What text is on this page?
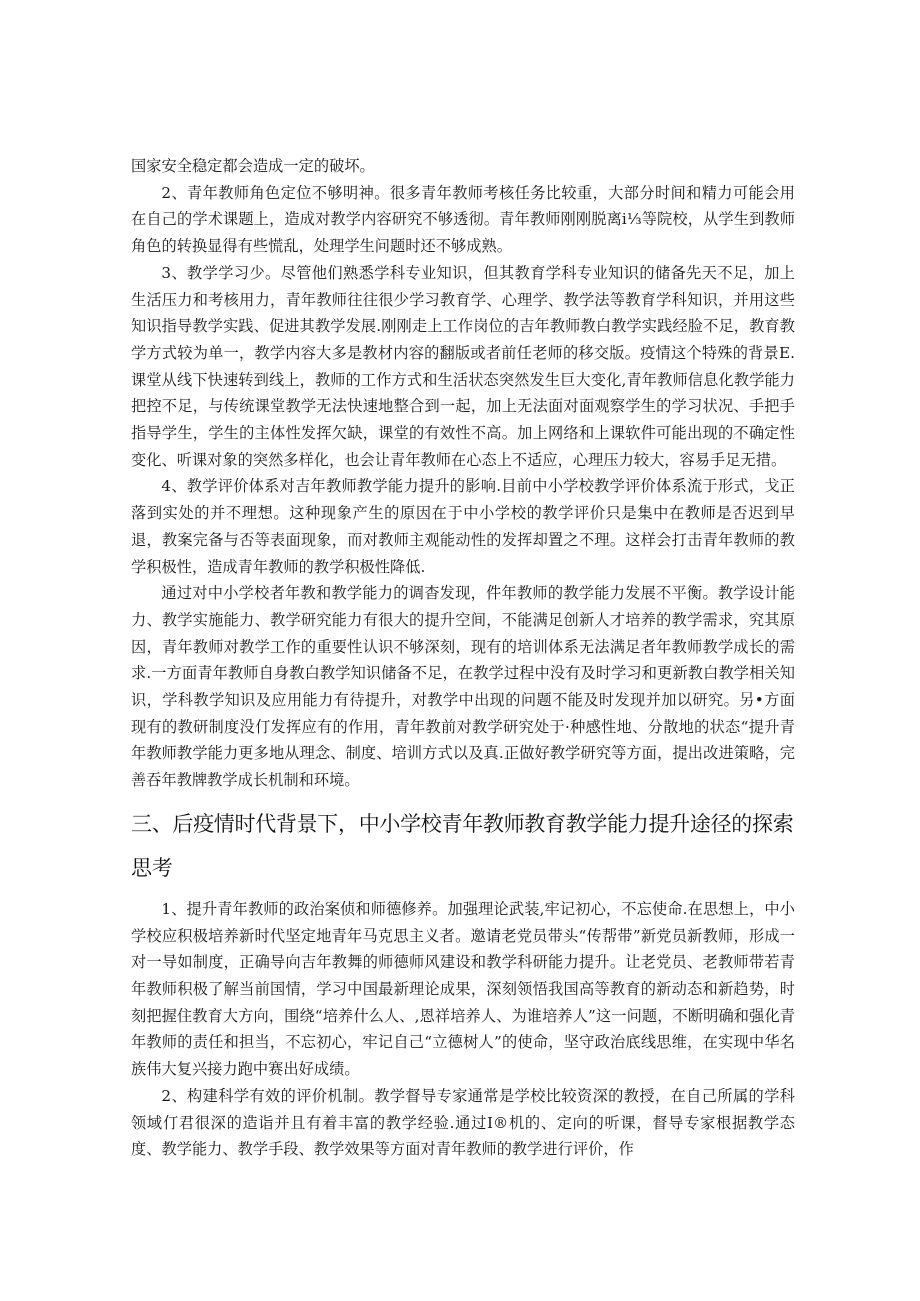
国家安全稳定都会造成一定的破坏。

2、青年教师角色定位不够明神。很多青年教师考核任务比较重，大部分时间和精力可能会用在自己的学术课题上，造成对教学内容研究不够透彻。青年教师刚刚脱离i⅓等院校，从学生到教师角色的转换显得有些慌乱，处理学生问题时还不够成熟。

3、教学学习少。尽管他们熟悉学科专业知识，但其教育学科专业知识的储备先天不足，加上生活压力和考核用力，青年教师往往很少学习教育学、心理学、教学法等教育学科知识，并用这些知识指导教学实践、促进其教学发展.刚刚走上工作岗位的吉年教师教白教学实践经脸不足，教育教学方式较为单一，教学内容大多是教材内容的翻版或者前任老师的移交版。疫情这个特殊的背景E.课堂从线下快速转到线上，教师的工作方式和生活状态突然发生巨大变化,青年教师信息化教学能力把控不足，与传统课堂教学无法快速地整合到一起，加上无法面对面观察学生的学习状况、手把手指导学生，学生的主体性发挥欠缺，课堂的有效性不高。加上网络和上课软件可能出现的不确定性变化、听课对象的突然多样化，也会让青年教师在心态上不适应，心理压力较大，容易手足无措。

4、教学评价体系对吉年教师教学能力提升的影响.目前中小学校教学评价体系流于形式，戈正落到实处的并不理想。这种现象产生的原因在于中小学校的教学评价只是集中在教师是否迟到早退，教案完备与否等表面现象，而对教师主观能动性的发挥却置之不理。这样会打击青年教师的教学积极性，造成青年教师的教学积极性降低.

通过对中小学校者年教和教学能力的调杳发现，件年教师的教学能力发展不平衡。教学设计能力、教学实施能力、教学研究能力有很大的提升空间，不能满足创新人才培养的教学需求，究其原因，青年教师对教学工作的重要性认识不够深刻，现有的培训体系无法满足者年教师教学成长的需求.一方面青年教师自身教白教学知识储备不足，在教学过程中没有及时学习和更新教白教学相关知识，学科教学知识及应用能力有待提升，对教学中出现的问题不能及时发现并加以研究。另•方面现有的教研制度没仃发挥应有的作用，青年教前对教学研究处于·种感性地、分散地的状态“提升青年教师教学能力更多地从理念、制度、培训方式以及真.正做好教学研究等方面，提出改进策略，完善吞年教牌教学成长机制和环境。

三、后疫情时代背景下，中小学校青年教师教育教学能力提升途径的探索思考

1、提升青年教师的政治案侦和师德修养。加强理论武装,牢记初心，不忘使命.在思想上，中小学校应积极培养新时代坚定地青年马克思主义者。邀请老党员带头“传帮带”新党员新教师，形成一对一导如制度，正确导向吉年教舞的师德师风建设和教学科研能力提升。让老党员、老教师带若青年教师积极了解当前国情，学习中国最新理论成果，深刻领悟我国高等教育的新动态和新趋势，时刻把握住教育大方向，围绕“培养什么人、,恩祥培养人、为谁培养人”这一问题，不断明确和强化青年教师的责任和担当，不忘初心，牢记自己“立德树人”的使命，坚守政治底线思维，在实现中华名族伟大复兴接力跑中赛出好成绩。

2、构建科学有效的评价机制。教学督导专家通常是学校比较资深的教授，在自己所属的学科领域仃君很深的造诣并且有着丰富的教学经验.通过I®机的、定向的听课，督导专家根据教学态度、教学能力、教学手段、教学效果等方面对青年教师的教学进行评价，作
